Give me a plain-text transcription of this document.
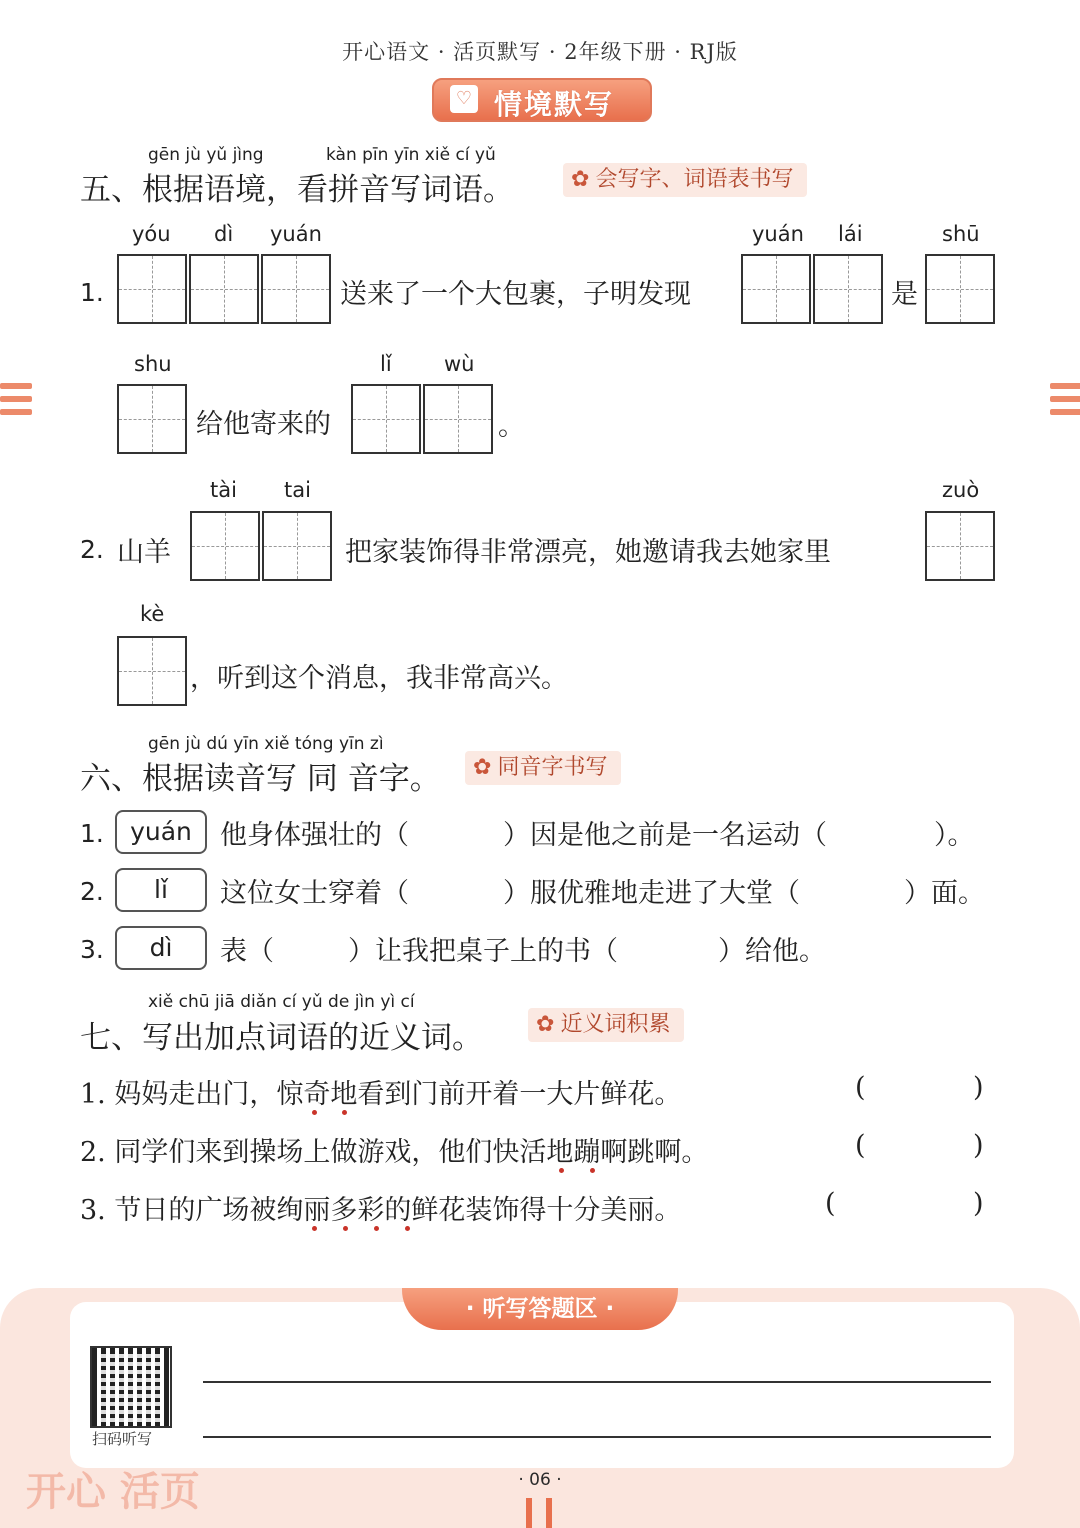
开心语文 · 活页默写 · 2年级下册 · RJ版
♡ 情境默写
gēn jù yǔ jìng	kàn pīn yīn xiě cí yǔ
五、根据语境，看拼音写词语。	✿ 会写字、词语表书写
yóu dì yuán
1.	送来了一个大包裹，子明发现
yuán lái	shū
是
shu
给他寄来的
lǐ wù
。
tài tai
2. 山羊	把家装饰得非常漂亮，她邀请我去她家里
zuò
kè
，听到这个消息，我非常高兴。
gēn jù dú yīn xiě tóng yīn zì
六、根据读音写 同 音字。	✿ 同音字书写
1.	yuán	他身体强壮的（	）因是他之前是一名运动（	）。
2.	lǐ	这位女士穿着（	）服优雅地走进了大堂（	）面。
3.	dì	表（	）让我把桌子上的书（	）给他。
xiě chū jiā diǎn cí yǔ de jìn yì cí
七、写出加点词语的近义词。	✿ 近义词积累
1. 妈妈走出门，惊奇地看到门前开着一大片鲜花。	(	)
2. 同学们来到操场上做游戏，他们快活地蹦啊跳啊。	(	)
3. 节日的广场被绚丽多彩的鲜花装饰得十分美丽。	(	)
· 听写答题区 ·
扫码听写
开心 活页	· 06 ·
